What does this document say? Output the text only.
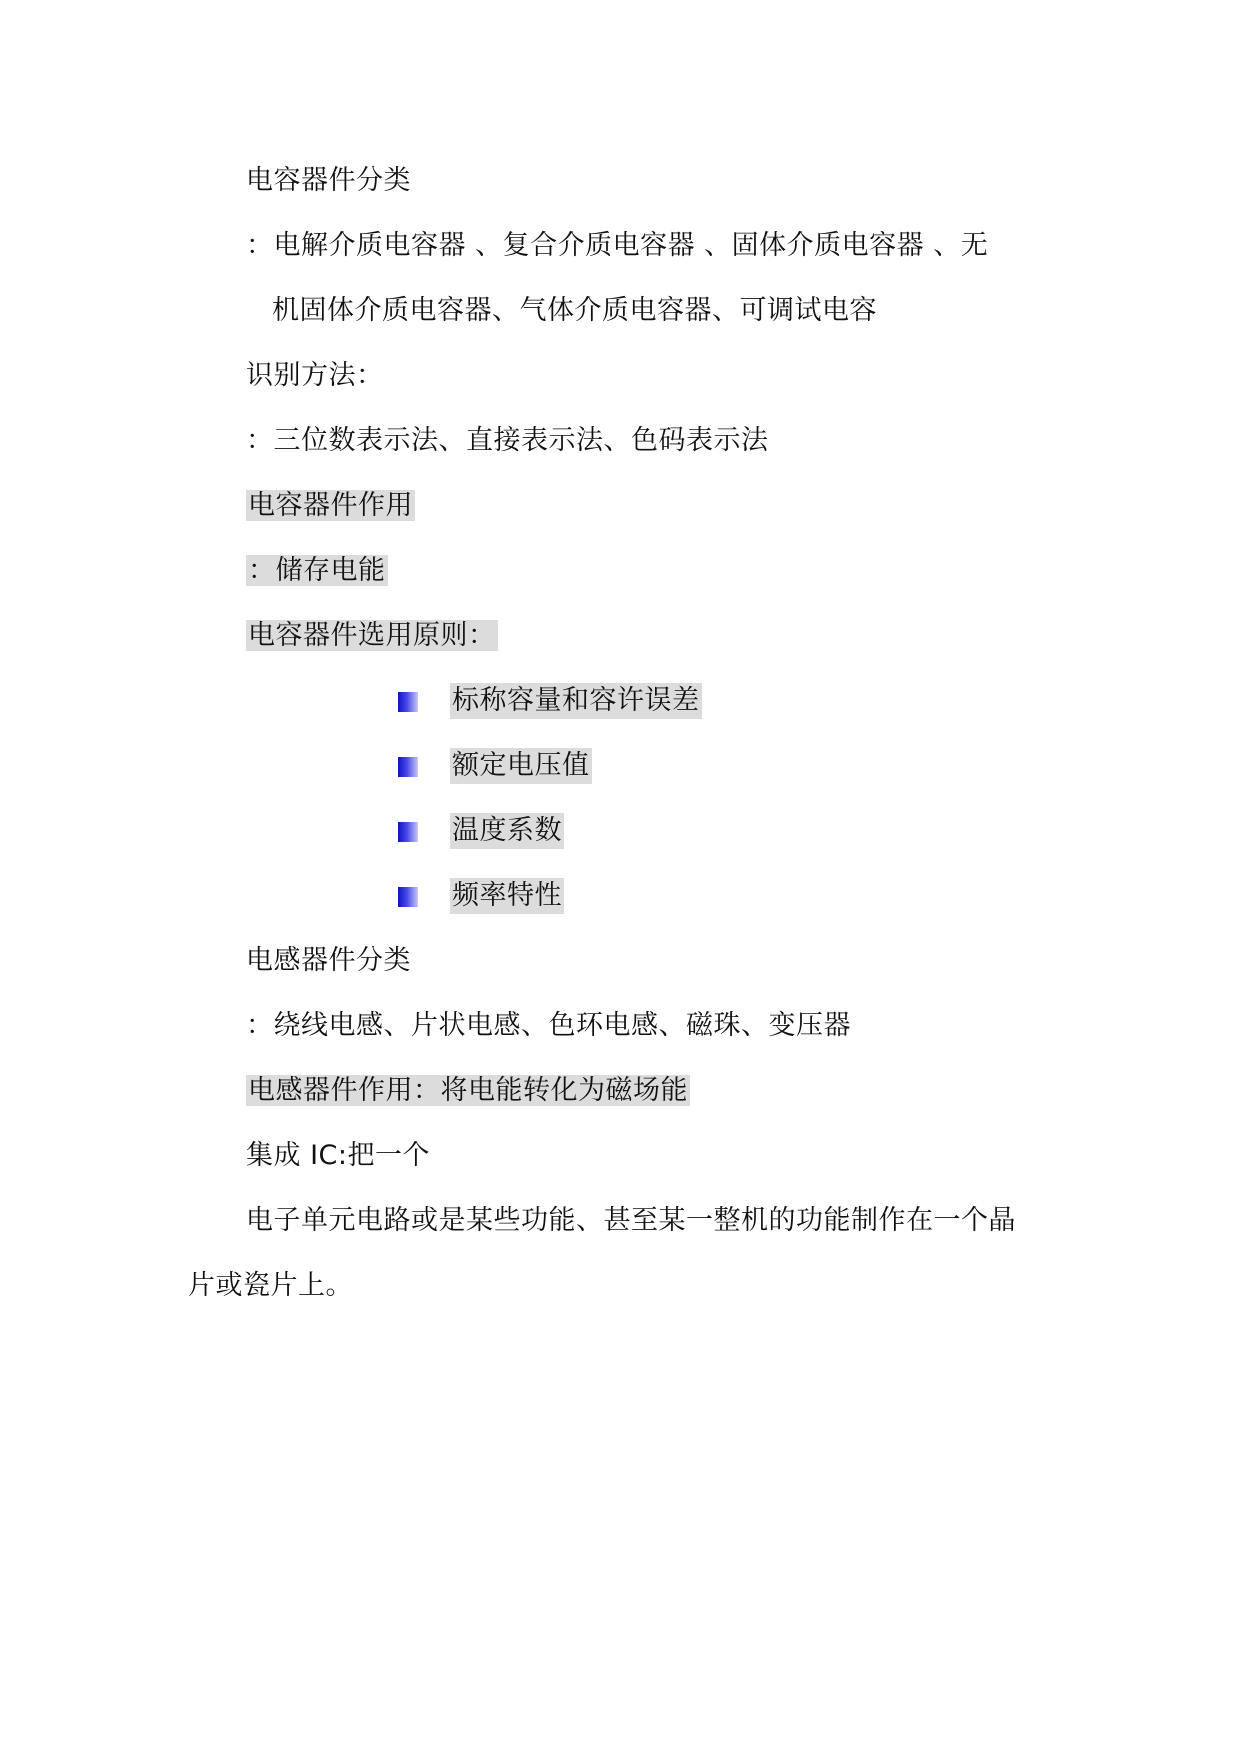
电容器件分类
：电解介质电容器 、复合介质电容器 、固体介质电容器 、无
机固体介质电容器、气体介质电容器、可调试电容
识别方法：
：三位数表示法、直接表示法、色码表示法
电容器件作用
：储存电能
电容器件选用原则：
标称容量和容许误差
额定电压值
温度系数
频率特性
电感器件分类
：绕线电感、片状电感、色环电感、磁珠、变压器
电感器件作用：将电能转化为磁场能
集成 IC:把一个
电子单元电路或是某些功能、甚至某一整机的功能制作在一个晶
片或瓷片上。
